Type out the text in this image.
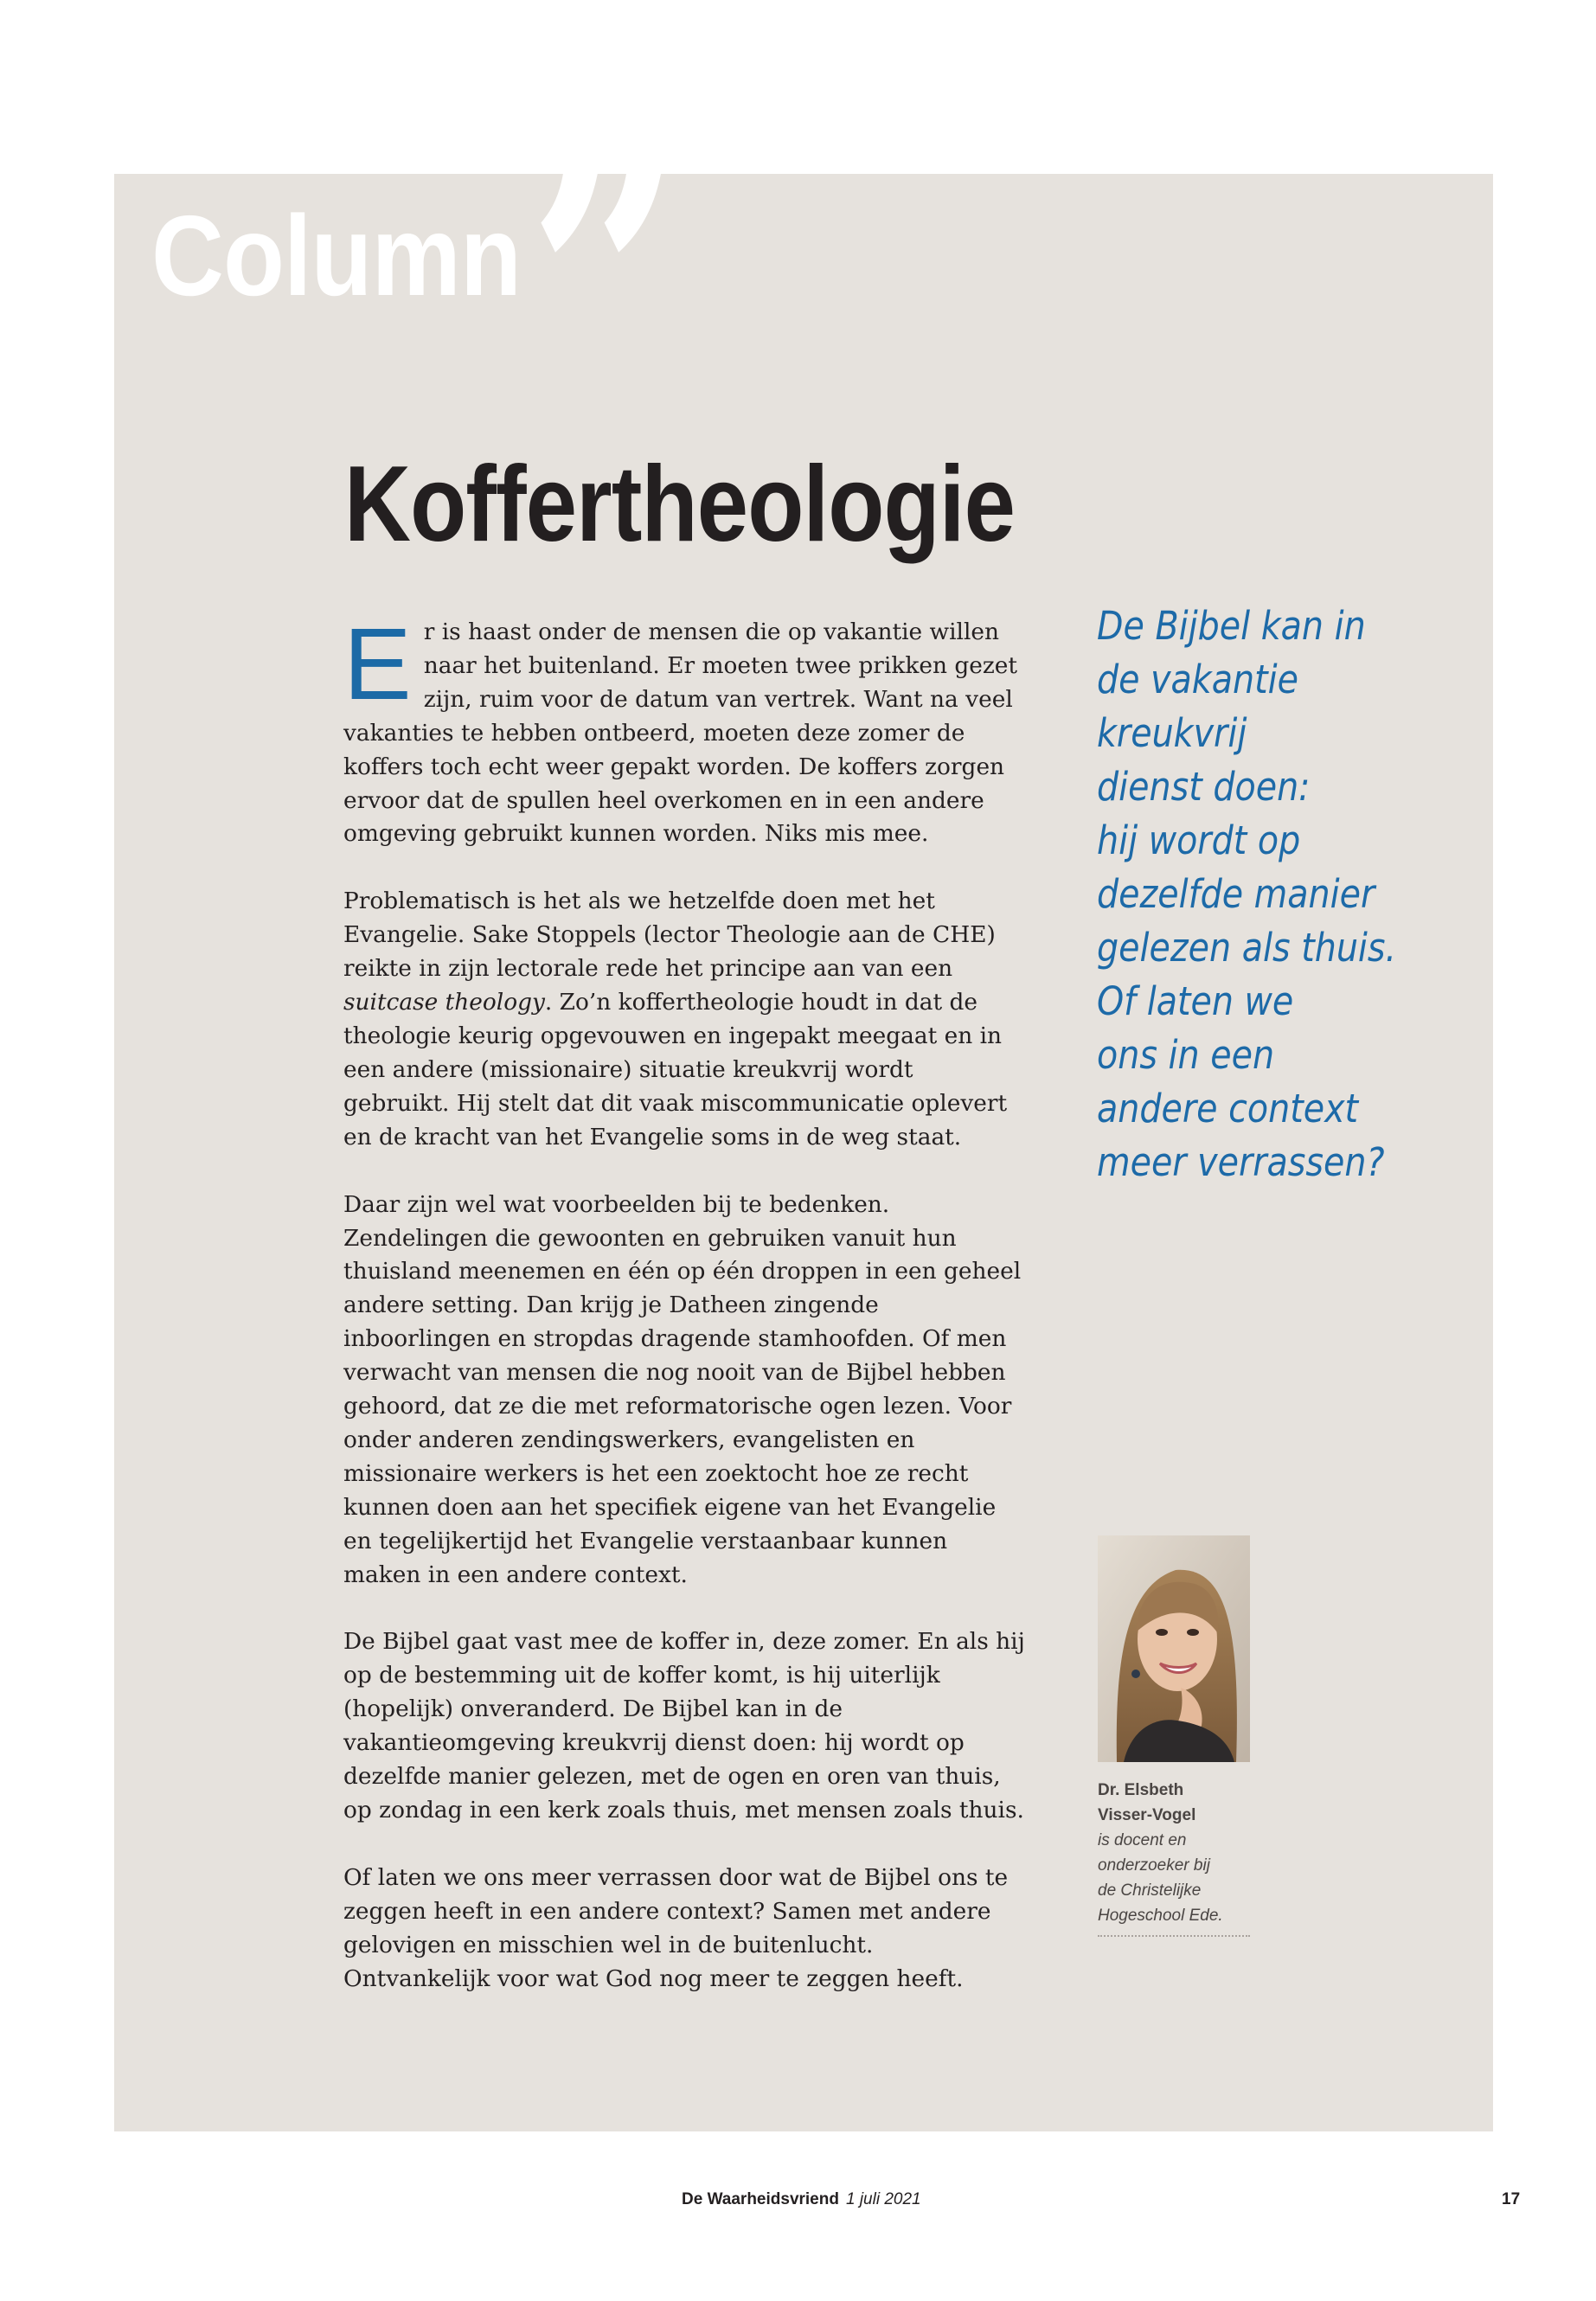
Column ”
Koffertheologie

Er is haast onder de mensen die op vakantie willen naar het buitenland. Er moeten twee prikken gezet zijn, ruim voor de datum van vertrek. Want na veel vakanties te hebben ontbeerd, moeten deze zomer de koffers toch echt weer gepakt worden. De koffers zorgen ervoor dat de spullen heel overkomen en in een andere omgeving gebruikt kunnen worden. Niks mis mee.

Problematisch is het als we hetzelfde doen met het Evangelie. Sake Stoppels (lector Theologie aan de CHE) reikte in zijn lectorale rede het principe aan van een suitcase theology. Zo’n koffertheologie houdt in dat de theologie keurig opgevouwen en ingepakt meegaat en in een andere (missionaire) situatie kreukvrij wordt gebruikt. Hij stelt dat dit vaak miscommunicatie oplevert en de kracht van het Evangelie soms in de weg staat.

Daar zijn wel wat voorbeelden bij te bedenken. Zendelingen die gewoonten en gebruiken vanuit hun thuisland meenemen en één op één droppen in een geheel andere setting. Dan krijg je Datheen zingende inboorlingen en stropdas dragende stamhoofden. Of men verwacht van mensen die nog nooit van de Bijbel hebben gehoord, dat ze die met reformatorische ogen lezen. Voor onder anderen zendingswerkers, evangelisten en missionaire werkers is het een zoektocht hoe ze recht kunnen doen aan het specifiek eigene van het Evangelie en tegelijkertijd het Evangelie verstaanbaar kunnen maken in een andere context.

De Bijbel gaat vast mee de koffer in, deze zomer. En als hij op de bestemming uit de koffer komt, is hij uiterlijk (hopelijk) onveranderd. De Bijbel kan in de vakantieomgeving kreukvrij dienst doen: hij wordt op dezelfde manier gelezen, met de ogen en oren van thuis, op zondag in een kerk zoals thuis, met mensen zoals thuis.

Of laten we ons meer verrassen door wat de Bijbel ons te zeggen heeft in een andere context? Samen met andere gelovigen en misschien wel in de buitenlucht. Ontvankelijk voor wat God nog meer te zeggen heeft.

De Bijbel kan in
de vakantie
kreukvrij
dienst doen:
hij wordt op
dezelfde manier
gelezen als thuis.
Of laten we
ons in een
andere context
meer verrassen?
Dr. Elsbeth
Visser-Vogel
is docent en
onderzoeker bij
de Christelijke
Hogeschool Ede.
De Waarheidsvriend 1 juli 2021	17
